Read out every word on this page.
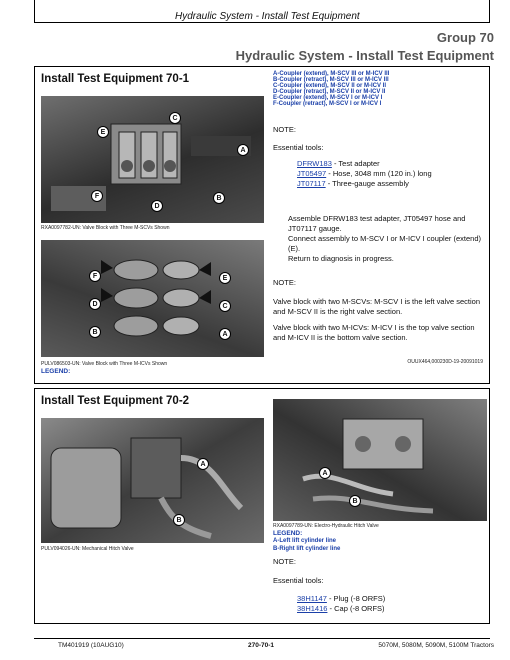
Hydraulic System - Install Test Equipment
Group 70
Hydraulic System - Install Test Equipment
Install Test Equipment 70-1
E
C
A
F
D
B
RXA0097782-UN: Valve Block with Three M-SCVs Shown
F
D
B
E
C
A
PULV086503-UN: Valve Block with Three M-ICVs Shown
LEGEND:
A-Coupler (extend), M-SCV III or M-ICV III
B-Coupler (retract), M-SCV III or M-ICV III
C-Coupler (extend), M-SCV II or M-ICV II
D-Coupler (retract), M-SCV II or M-ICV II
E-Coupler (extend), M-SCV I or M-ICV I
F-Coupler (retract), M-SCV I or M-ICV I
NOTE:
Essential tools:
DFRW183 - Test adapter
JT05497 - Hose, 3048 mm (120 in.) long
JT07117 - Three-gauge assembly
Assemble DFRW183 test adapter, JT05497 hose and JT07117 gauge.
Connect assembly to M-SCV I or M-ICV I coupler (extend) (E).
Return to diagnosis in progress.
NOTE:
Valve block with two M-SCVs: M-SCV I is the left valve section and M-SCV II is the right valve section.
Valve block with two M-ICVs: M-ICV I is the top valve section and M-ICV II is the bottom valve section.
OUUX464,000230D-19-20091019
Install Test Equipment 70-2
A
B
PULV094026-UN: Mechanical Hitch Valve
A
B
RXA0097789-UN: Electro-Hydraulic Hitch Valve
LEGEND:
A-Left lift cylinder line
B-Right lift cylinder line
NOTE:
Essential tools:
38H1147 - Plug (-8 ORFS)
38H1416 - Cap (-8 ORFS)
TM401919 (10AUG10)	270-70-1	5070M, 5080M, 5090M, 5100M Tractors
